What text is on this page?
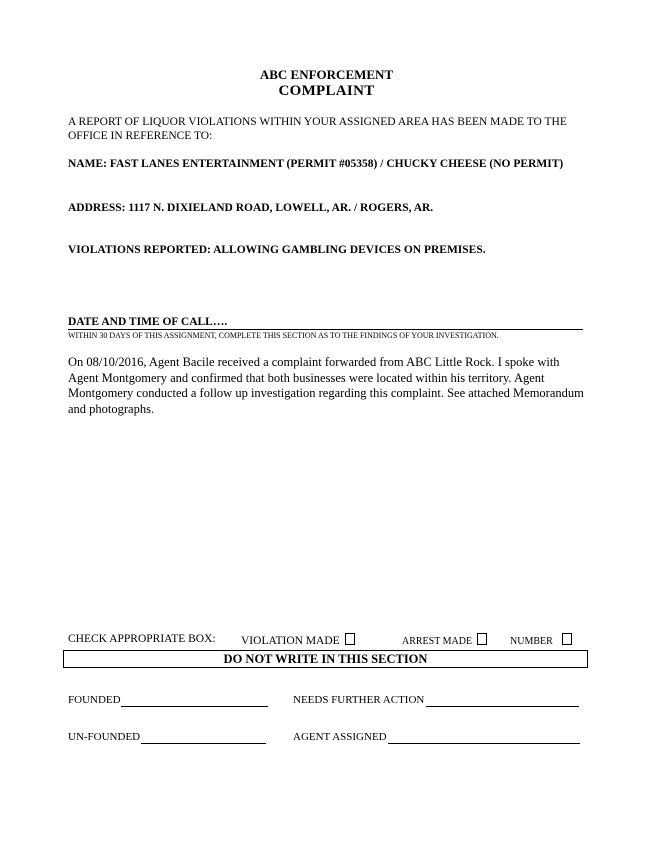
ABC ENFORCEMENT
COMPLAINT
A REPORT OF LIQUOR VIOLATIONS WITHIN YOUR ASSIGNED AREA HAS BEEN MADE TO THE OFFICE IN REFERENCE TO:
NAME: FAST LANES ENTERTAINMENT (PERMIT #05358) / CHUCKY CHEESE (NO PERMIT)
ADDRESS: 1117 N. DIXIELAND ROAD, LOWELL, AR. / ROGERS, AR.
VIOLATIONS REPORTED: ALLOWING GAMBLING DEVICES ON PREMISES.
DATE AND TIME OF CALL….
WITHIN 30 DAYS OF THIS ASSIGNMENT, COMPLETE THIS SECTION AS TO THE FINDINGS OF YOUR INVESTIGATION.
On 08/10/2016, Agent Bacile received a complaint forwarded from ABC Little Rock. I spoke with Agent Montgomery and confirmed that both businesses were located within his territory. Agent Montgomery conducted a follow up investigation regarding this complaint. See attached Memorandum and photographs.
CHECK APPROPRIATE BOX: VIOLATION MADE	ARREST MADE	NUMBER
DO NOT WRITE IN THIS SECTION
FOUNDED	NEEDS FURTHER ACTION
UN-FOUNDED	AGENT ASSIGNED
